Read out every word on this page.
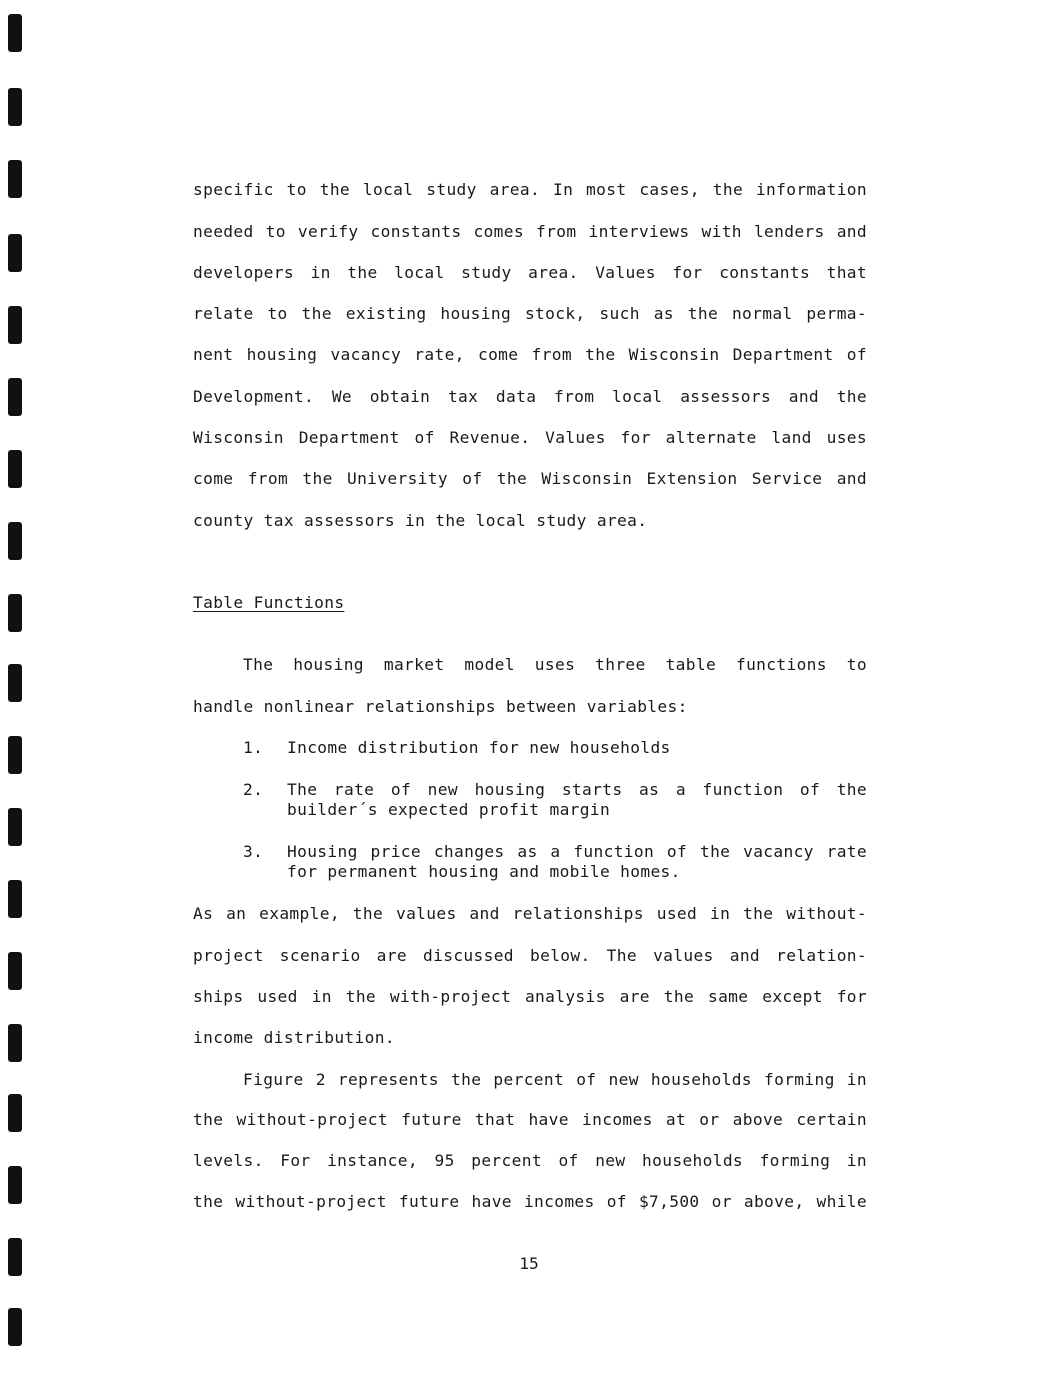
specific to the local study area. In most cases, the information
needed to verify constants comes from interviews with lenders and
developers in the local study area. Values for constants that
relate to the existing housing stock, such as the normal perma-
nent housing vacancy rate, come from the Wisconsin Department of
Development. We obtain tax data from local assessors and the
Wisconsin Department of Revenue. Values for alternate land uses
come from the University of the Wisconsin Extension Service and
county tax assessors in the local study area.
Table Functions
The housing market model uses three table functions to
handle nonlinear relationships between variables:
1. Income distribution for new households
2. The rate of new housing starts as a function of the
builder´s expected profit margin
3. Housing price changes as a function of the vacancy rate
for permanent housing and mobile homes.
As an example, the values and relationships used in the without-
project scenario are discussed below. The values and relation-
ships used in the with-project analysis are the same except for
income distribution.
Figure 2 represents the percent of new households forming in
the without-project future that have incomes at or above certain
levels. For instance, 95 percent of new households forming in
the without-project future have incomes of $7,500 or above, while
15
